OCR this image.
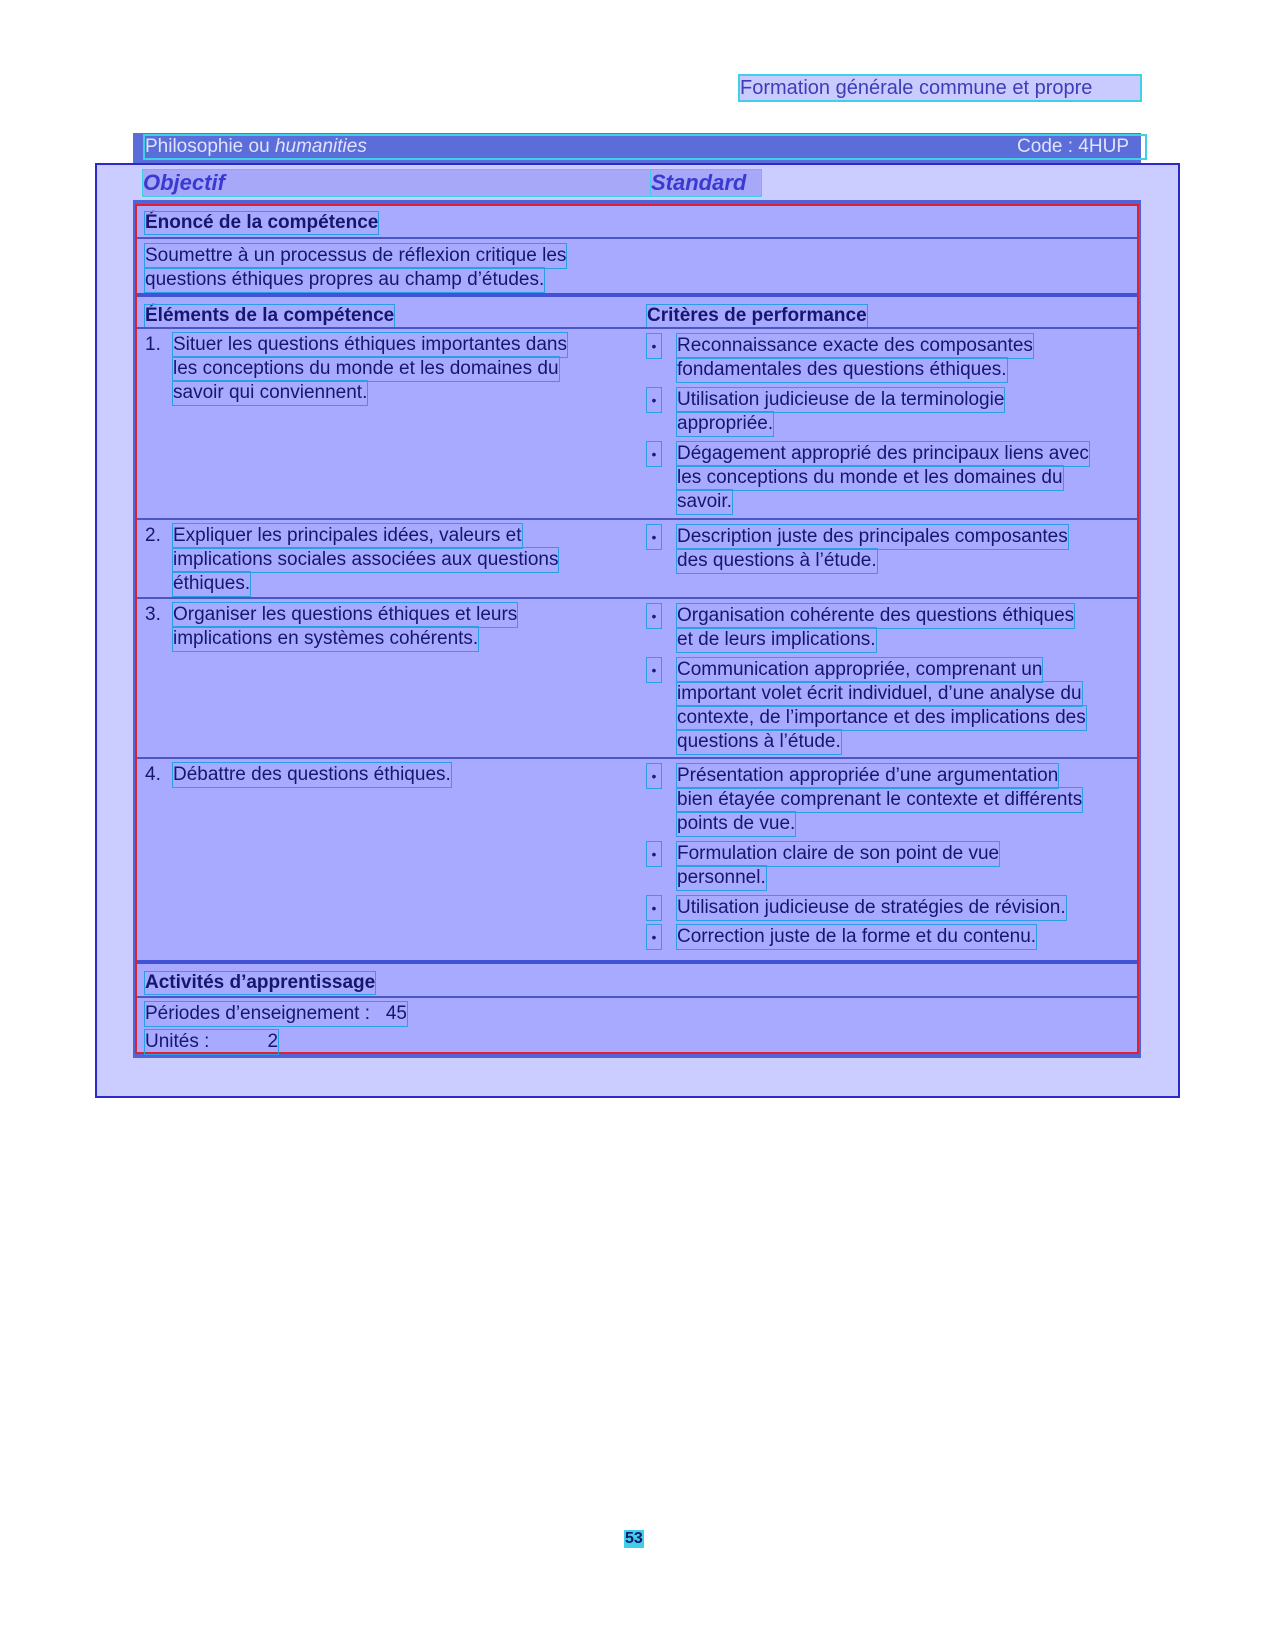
Formation générale commune et propre
Philosophie ou humanities	Code : 4HUP
Objectif	Standard
Énoncé de la compétence
Soumettre à un processus de réflexion critique les
questions éthiques propres au champ d’études.
Éléments de la compétence	Critères de performance
1. Situer les questions éthiques importantes dans
les conceptions du monde et les domaines du
savoir qui conviennent.
• Reconnaissance exacte des composantes
fondamentales des questions éthiques.
• Utilisation judicieuse de la terminologie
appropriée.
• Dégagement approprié des principaux liens avec
les conceptions du monde et les domaines du
savoir.
2. Expliquer les principales idées, valeurs et
implications sociales associées aux questions
éthiques.
• Description juste des principales composantes
des questions à l’étude.
3. Organiser les questions éthiques et leurs
implications en systèmes cohérents.
• Organisation cohérente des questions éthiques
et de leurs implications.
• Communication appropriée, comprenant un
important volet écrit individuel, d’une analyse du
contexte, de l’importance et des implications des
questions à l’étude.
4. Débattre des questions éthiques.	• Présentation appropriée d’une argumentation
bien étayée comprenant le contexte et différents
points de vue.
• Formulation claire de son point de vue
personnel.
• Utilisation judicieuse de stratégies de révision.
• Correction juste de la forme et du contenu.
Activités d’apprentissage
Périodes d’enseignement : 45
Unités :	2
53
